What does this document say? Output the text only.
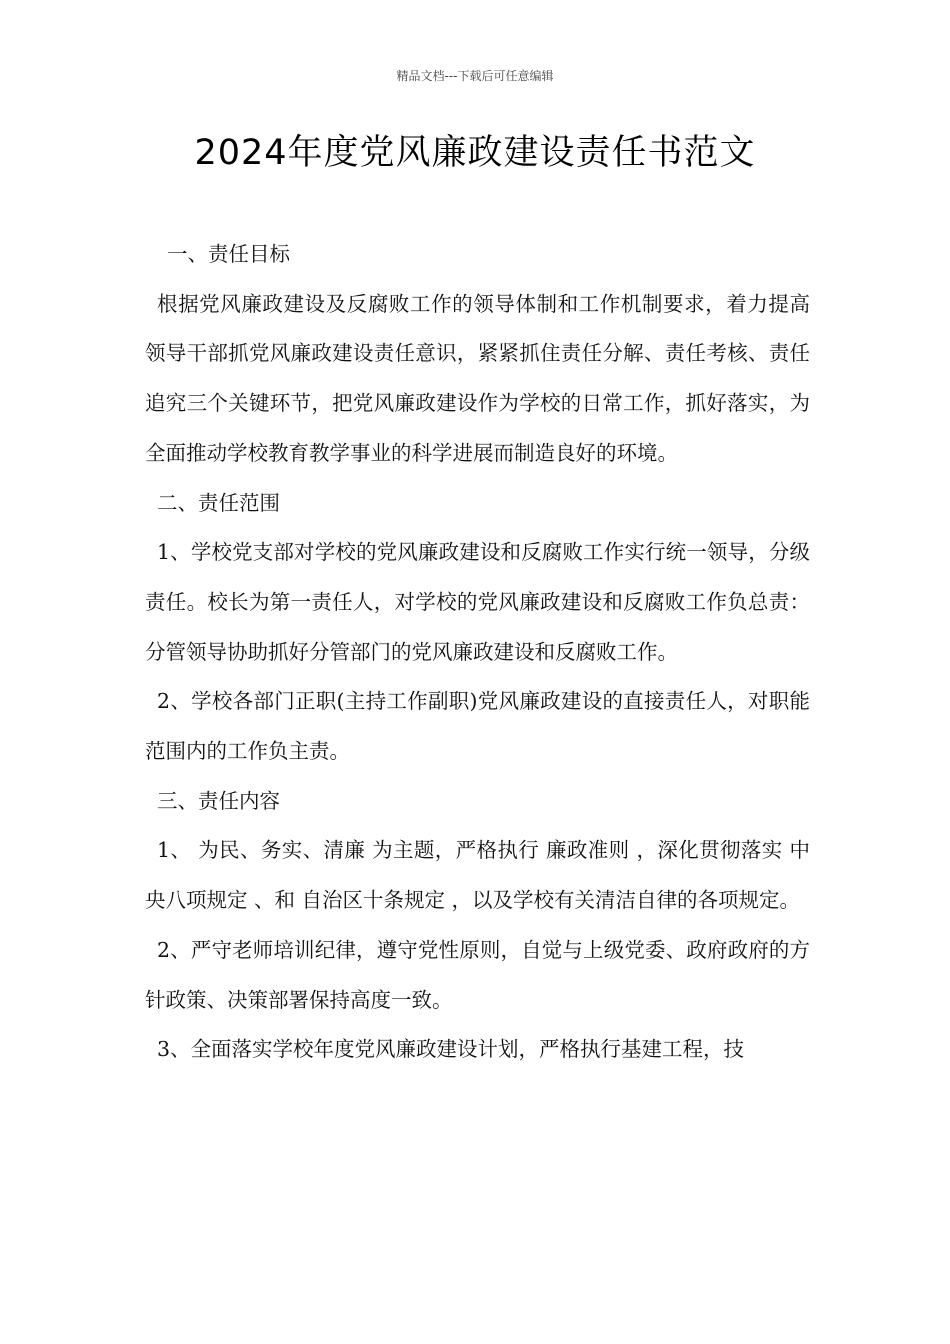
精品文档---下载后可任意编辑
2024年度党风廉政建设责任书范文

一、责任目标

根据党风廉政建设及反腐败工作的领导体制和工作机制要求，着力提高领导干部抓党风廉政建设责任意识，紧紧抓住责任分解、责任考核、责任追究三个关键环节，把党风廉政建设作为学校的日常工作，抓好落实，为全面推动学校教育教学事业的科学进展而制造良好的环境。

二、责任范围

1、学校党支部对学校的党风廉政建设和反腐败工作实行统一领导，分级责任。校长为第一责任人，对学校的党风廉政建设和反腐败工作负总责：分管领导协助抓好分管部门的党风廉政建设和反腐败工作。

2、学校各部门正职(主持工作副职)党风廉政建设的直接责任人，对职能范围内的工作负主责。

三、责任内容

1、 为民、务实、清廉 为主题，严格执行 廉政准则 ，深化贯彻落实 中央八项规定 、和 自治区十条规定 ，以及学校有关清洁自律的各项规定。

2、严守老师培训纪律，遵守党性原则，自觉与上级党委、政府政府的方针政策、决策部署保持高度一致。

3、全面落实学校年度党风廉政建设计划，严格执行基建工程，技
